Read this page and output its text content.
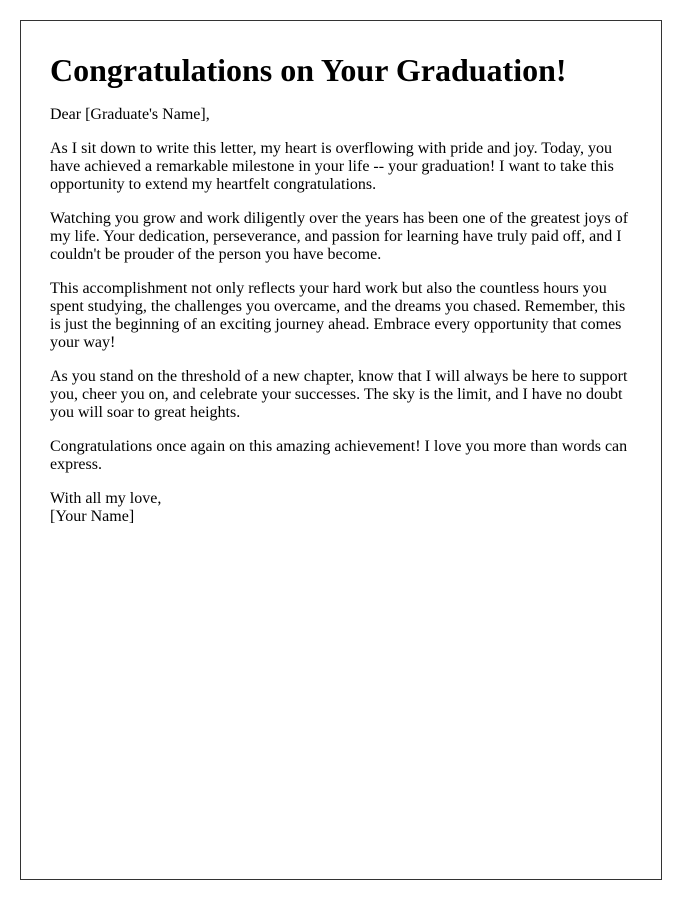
Congratulations on Your Graduation!

Dear [Graduate's Name],

As I sit down to write this letter, my heart is overflowing with pride and joy. Today, you have achieved a remarkable milestone in your life -- your graduation! I want to take this opportunity to extend my heartfelt congratulations.

Watching you grow and work diligently over the years has been one of the greatest joys of my life. Your dedication, perseverance, and passion for learning have truly paid off, and I couldn't be prouder of the person you have become.

This accomplishment not only reflects your hard work but also the countless hours you spent studying, the challenges you overcame, and the dreams you chased. Remember, this is just the beginning of an exciting journey ahead. Embrace every opportunity that comes your way!

As you stand on the threshold of a new chapter, know that I will always be here to support you, cheer you on, and celebrate your successes. The sky is the limit, and I have no doubt you will soar to great heights.

Congratulations once again on this amazing achievement! I love you more than words can express.

With all my love,
[Your Name]
